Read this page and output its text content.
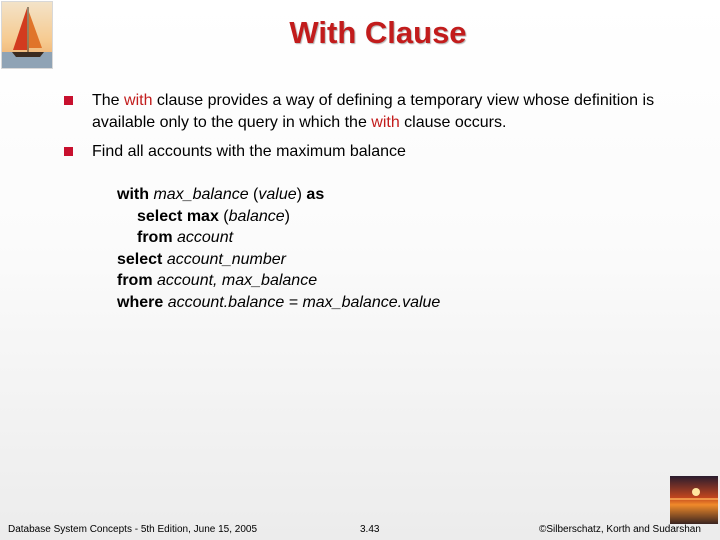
With Clause
The with clause provides a way of defining a temporary view whose definition is available only to the query in which the with clause occurs.
Find all accounts with the maximum balance
with max_balance (value) as
select max (balance)
from account
select account_number
from account, max_balance
where account.balance = max_balance.value
Database System Concepts - 5th Edition, June 15, 2005	3.43	©Silberschatz, Korth and Sudarshan
